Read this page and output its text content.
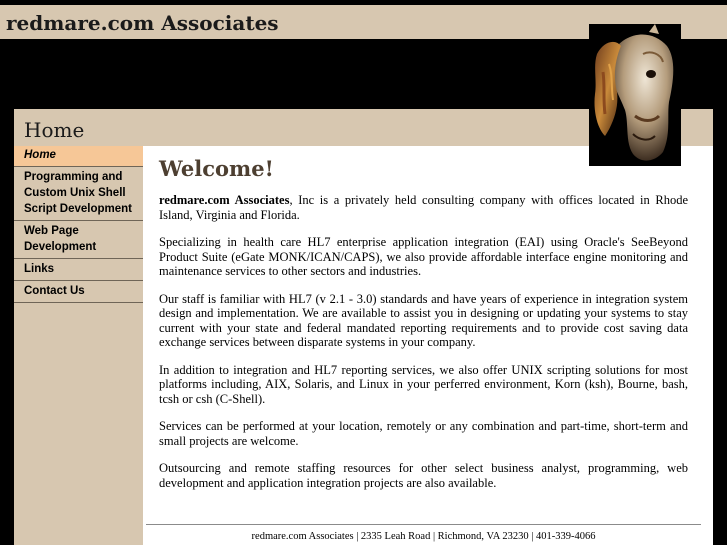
redmare.com Associates
Home
Home
Programming and Custom Unix Shell Script Development
Web Page Development
Links
Contact Us
Welcome!

redmare.com Associates, Inc is a privately held consulting company with offices located in Rhode Island, Virginia and Florida.

Specializing in health care HL7 enterprise application integration (EAI) using Oracle's SeeBeyond Product Suite (eGate MONK/ICAN/CAPS), we also provide affordable interface engine monitoring and maintenance services to other sectors and industries.

Our staff is familiar with HL7 (v 2.1 - 3.0) standards and have years of experience in integration system design and implementation. We are available to assist you in designing or updating your systems to stay current with your state and federal mandated reporting requirements and to provide cost saving data exchange services between disparate systems in your company.

In addition to integration and HL7 reporting services, we also offer UNIX scripting solutions for most platforms including, AIX, Solaris, and Linux in your perferred environment, Korn (ksh), Bourne, bash, tcsh or csh (C-Shell).

Services can be performed at your location, remotely or any combination and part-time, short-term and small projects are welcome.

Outsourcing and remote staffing resources for other select business analyst, programming, web development and application integration projects are also available.

redmare.com Associates | 2335 Leah Road | Richmond, VA 23230 | 401-339-4066
